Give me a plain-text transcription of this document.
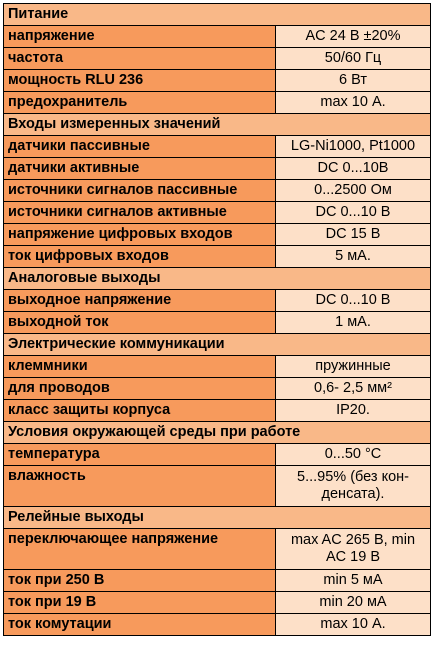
Питание	
напряжение	AC 24 В ±20%
частота	50/60 Гц
мощность RLU 236	6 Вт
предохранитель	max 10 А.
Входы измеренных значений	
датчики пассивные	LG-Ni1000, Pt1000
датчики активные	DC 0...10В
источники сигналов пассивные	0...2500 Ом
источники сигналов активные	DC 0...10 В
напряжение цифровых входов	DC 15 В
ток цифровых входов	5 мА.
Аналоговые выходы	
выходное напряжение	DC 0...10 В
выходной ток	1 мА.
Электрические коммуникации	
клеммники	пружинные
для проводов	0,6- 2,5 мм²
класс защиты корпуса	IP20.
Условия окружающей среды при работе	
температура	0...50 °C
влажность	5...95% (без кон-денсата).
Релейные выходы	
переключающее напряжение	max AC 265 В, min AC 19 В
ток при 250 В	min 5 мА
ток при 19 В	min 20 мА
ток комутации	max 10 А.
